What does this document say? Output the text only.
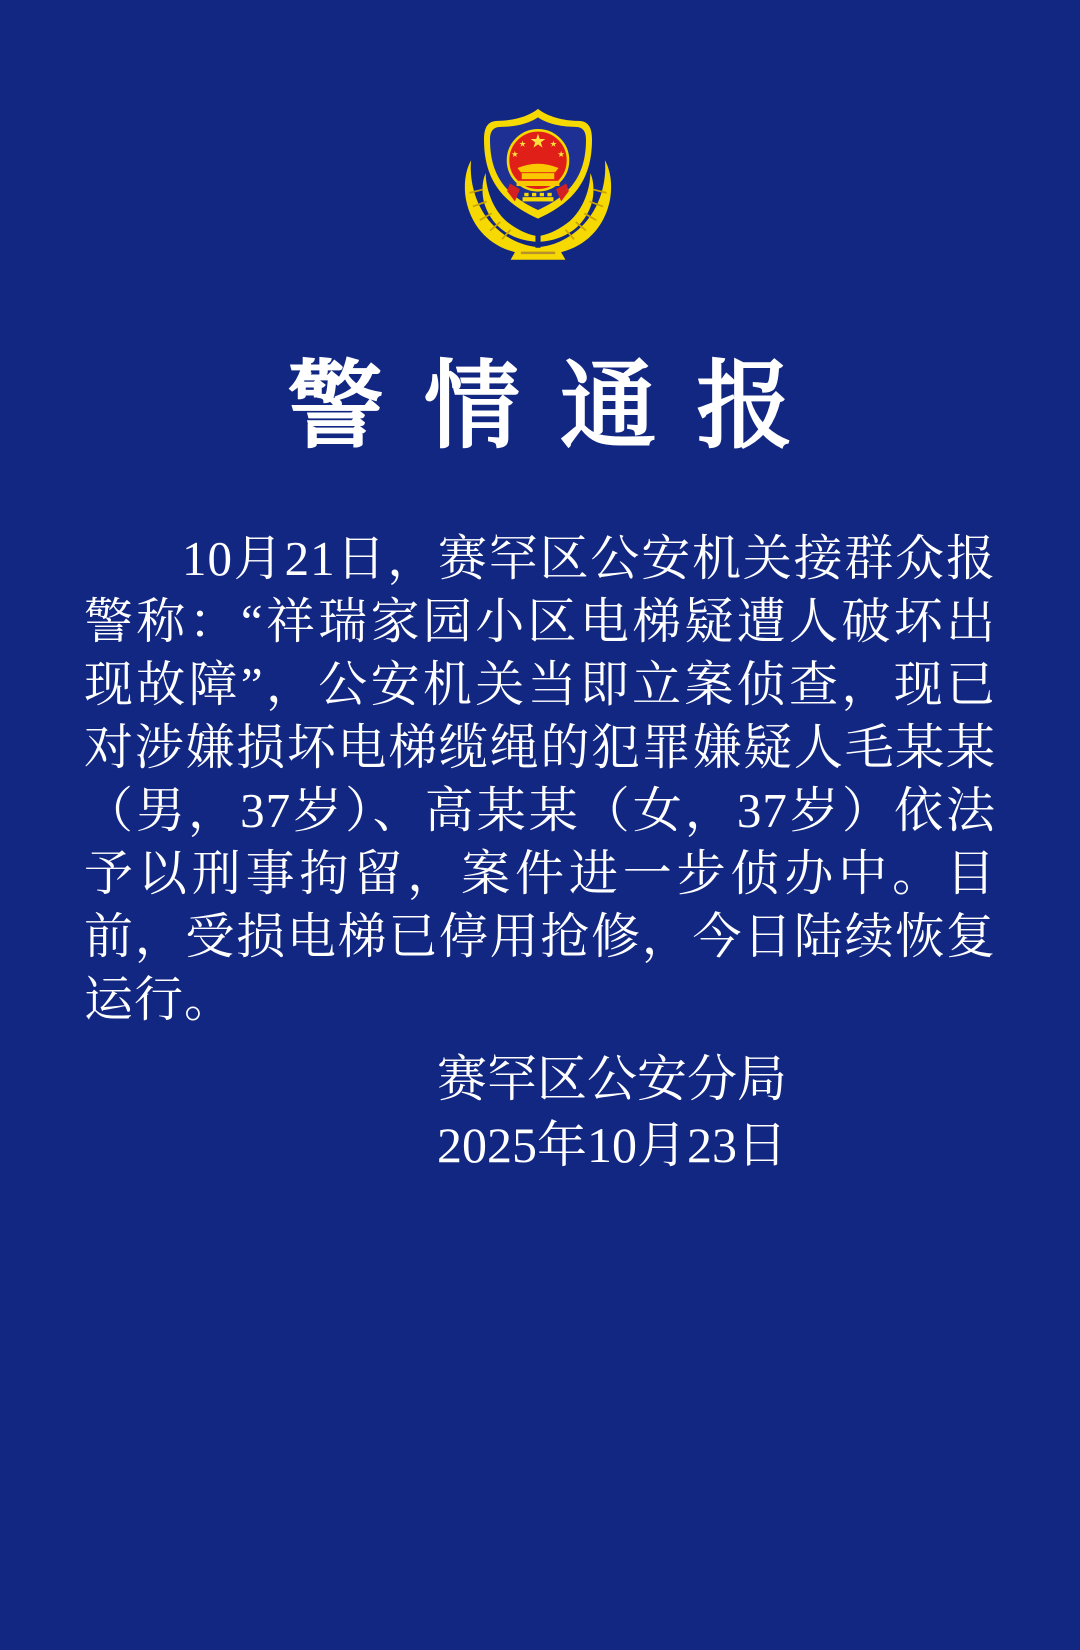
警情通报

10月21日，赛罕区公安机关接群众报警称：“祥瑞家园小区电梯疑遭人破坏出现故障”，公安机关当即立案侦查，现已对涉嫌损坏电梯缆绳的犯罪嫌疑人毛某某（男，37岁）、高某某（女，37岁）依法予以刑事拘留，案件进一步侦办中。目前，受损电梯已停用抢修，今日陆续恢复运行。

赛罕区公安分局
2025年10月23日
